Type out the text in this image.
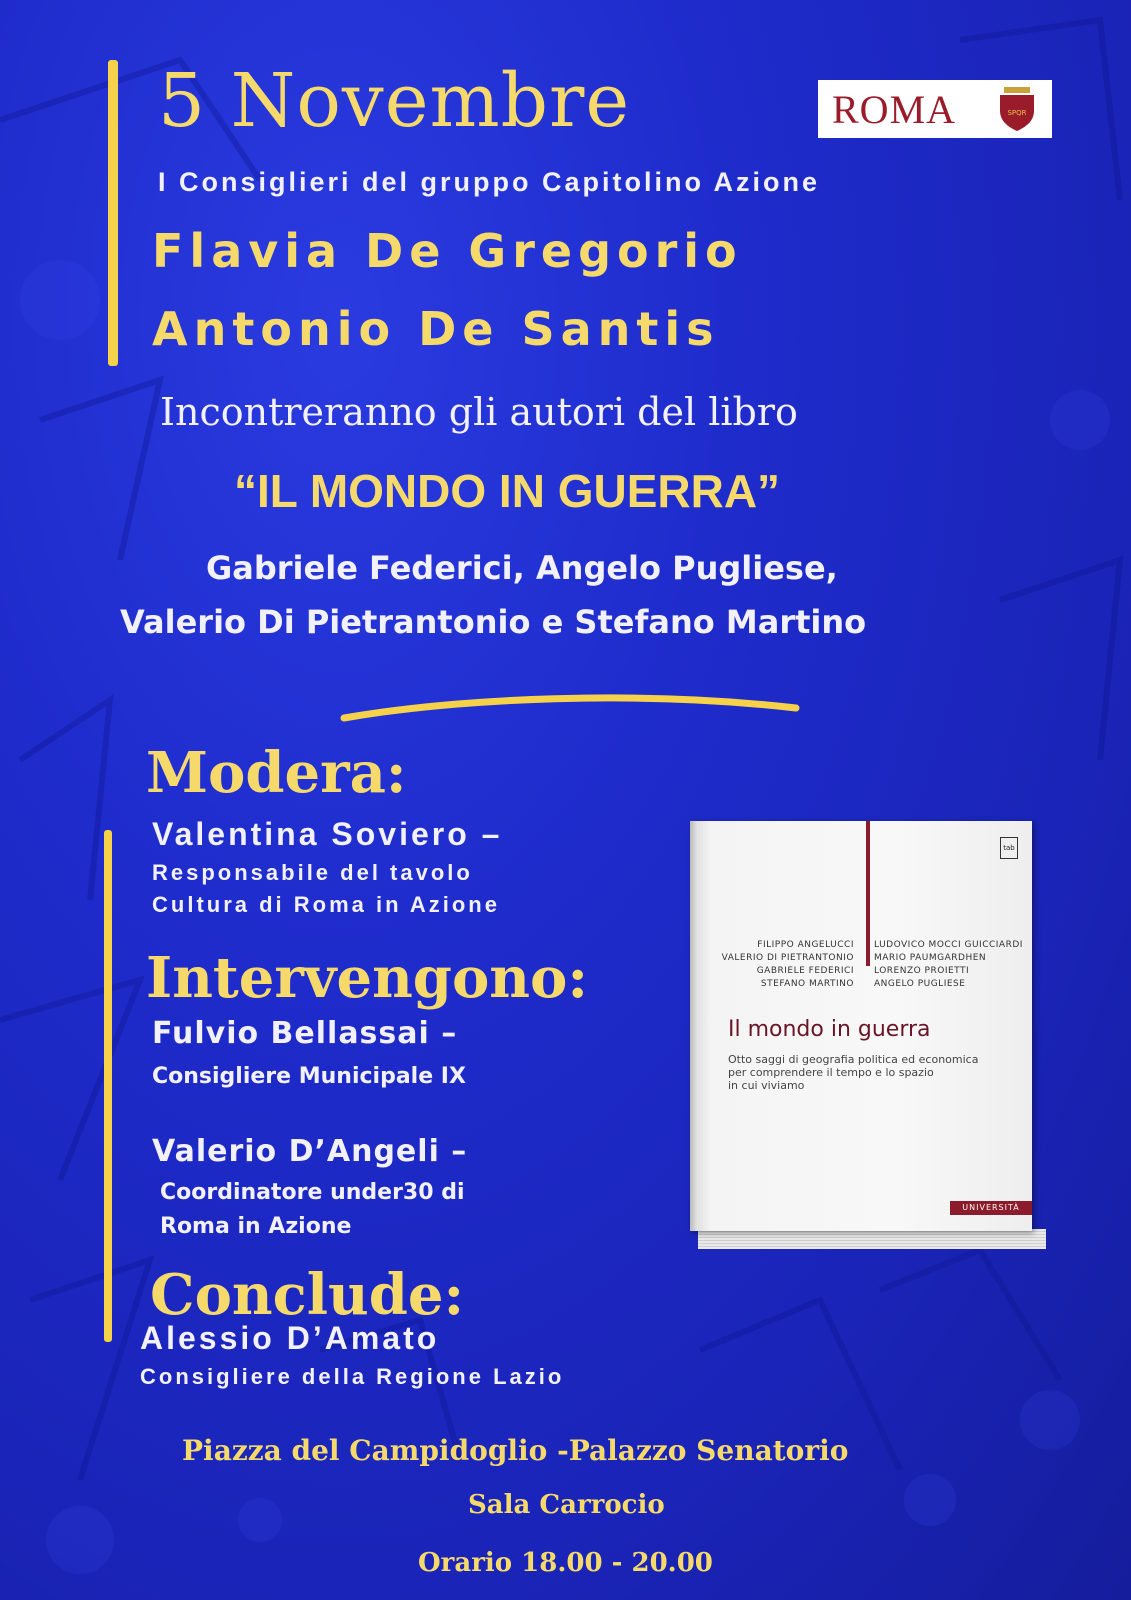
5 Novembre	ROMA	SPQR

I Consiglieri del gruppo Capitolino Azione

Flavia De Gregorio

Antonio De Santis

Incontreranno gli autori del libro

“IL MONDO IN GUERRA”

Gabriele Federici, Angelo Pugliese,

Valerio Di Pietrantonio e Stefano Martino

Modera:

Valentina Soviero –

Responsabile del tavolo

Cultura di Roma in Azione

Intervengono:

Fulvio Bellassai –

Consigliere Municipale IX

Valerio D’Angeli –

Coordinatore under30 di

Roma in Azione

Conclude:

Alessio D’Amato

Consigliere della Regione Lazio

Piazza del Campidoglio -Palazzo Senatorio

Sala Carrocio

Orario 18.00 - 20.00

tab
FILIPPO ANGELUCCI
VALERIO DI PIETRANTONIO
GABRIELE FEDERICI
STEFANO MARTINO
LUDOVICO MOCCI GUICCIARDI
MARIO PAUMGARDHEN
LORENZO PROIETTI
ANGELO PUGLIESE
Il mondo in guerra
Otto saggi di geografia politica ed economica
per comprendere il tempo e lo spazio
in cui viviamo
UNIVERSITÀ
